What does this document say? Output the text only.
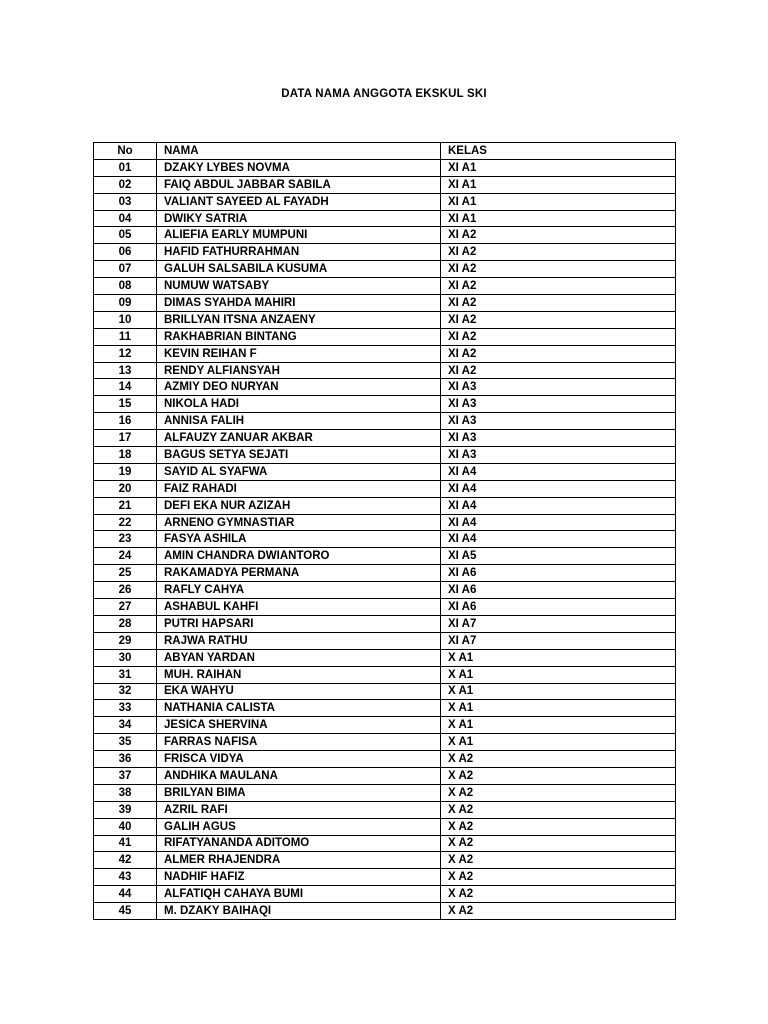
DATA NAMA ANGGOTA EKSKUL SKI
No	NAMA	KELAS
01	DZAKY LYBES NOVMA	XI A1
02	FAIQ ABDUL JABBAR SABILA	XI A1
03	VALIANT SAYEED AL FAYADH	XI A1
04	DWIKY SATRIA	XI A1
05	ALIEFIA EARLY MUMPUNI	XI A2
06	HAFID FATHURRAHMAN	XI A2
07	GALUH SALSABILA KUSUMA	XI A2
08	NUMUW WATSABY	XI A2
09	DIMAS SYAHDA MAHIRI	XI A2
10	BRILLYAN ITSNA ANZAENY	XI A2
11	RAKHABRIAN BINTANG	XI A2
12	KEVIN REIHAN F	XI A2
13	RENDY ALFIANSYAH	XI A2
14	AZMIY DEO NURYAN	XI A3
15	NIKOLA HADI	XI A3
16	ANNISA FALIH	XI A3
17	ALFAUZY ZANUAR AKBAR	XI A3
18	BAGUS SETYA SEJATI	XI A3
19	SAYID AL SYAFWA	XI A4
20	FAIZ RAHADI	XI A4
21	DEFI EKA NUR AZIZAH	XI A4
22	ARNENO GYMNASTIAR	XI A4
23	FASYA ASHILA	XI A4
24	AMIN CHANDRA DWIANTORO	XI A5
25	RAKAMADYA PERMANA	XI A6
26	RAFLY CAHYA	XI A6
27	ASHABUL KAHFI	XI A6
28	PUTRI HAPSARI	XI A7
29	RAJWA RATHU	XI A7
30	ABYAN YARDAN	X A1
31	MUH. RAIHAN	X A1
32	EKA WAHYU	X A1
33	NATHANIA CALISTA	X A1
34	JESICA SHERVINA	X A1
35	FARRAS NAFISA	X A1
36	FRISCA VIDYA	X A2
37	ANDHIKA MAULANA	X A2
38	BRILYAN BIMA	X A2
39	AZRIL RAFI	X A2
40	GALIH AGUS	X A2
41	RIFATYANANDA ADITOMO	X A2
42	ALMER RHAJENDRA	X A2
43	NADHIF HAFIZ	X A2
44	ALFATIQH CAHAYA BUMI	X A2
45	M. DZAKY BAIHAQI	X A2
